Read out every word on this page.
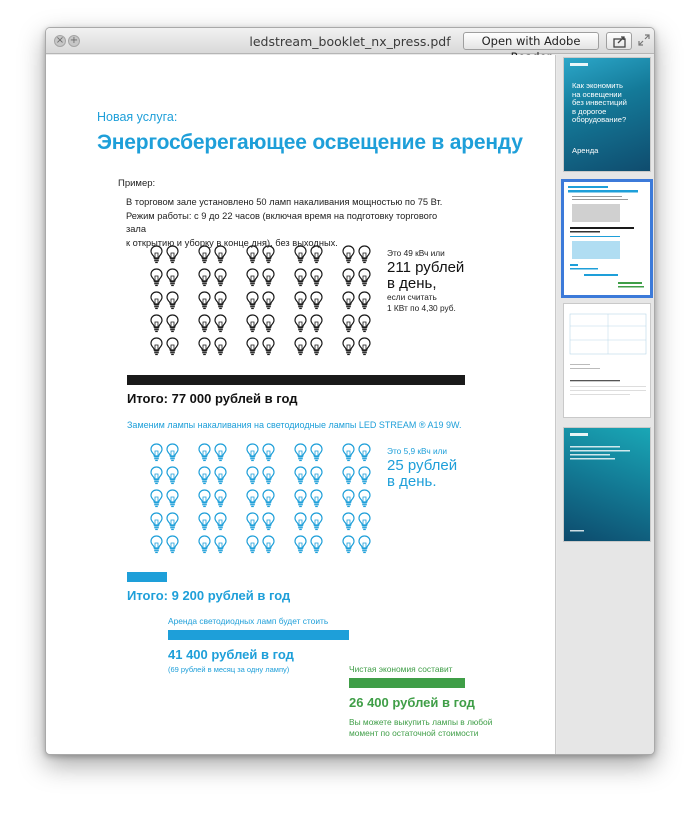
× +	ledstream_booklet_nx_press.pdf	Open with Adobe
Новая услуга:
Энергосберегающее освещение в аренду
Пример:
В торговом зале установлено 50 ламп накаливания мощностью по 75 Вт.
Режим работы: с 9 до 22 часов (включая время на подготовку торгового зала
к открытию и уборку в конце дня), без выходных.
Это 49 кВч или
211 рублей
в день,
если считать
1 КВт по 4,30 руб.
Итого: 77 000 рублей в год
Заменим лампы накаливания на светодиодные лампы LED STREAM ® A19 9W.
Это 5,9 кВч или
25 рублей
в день.
Итого: 9 200 рублей в год
Аренда светодиодных ламп будет стоить
41 400 рублей в год
(69 рублей в месяц за одну лампу)	Чистая экономия составит
26 400 рублей в год
Вы можете выкупить лампы в любой
момент по остаточной стоимости
Как экономить
на освещении
без инвестиций
в дорогое
оборудование?
Аренда
